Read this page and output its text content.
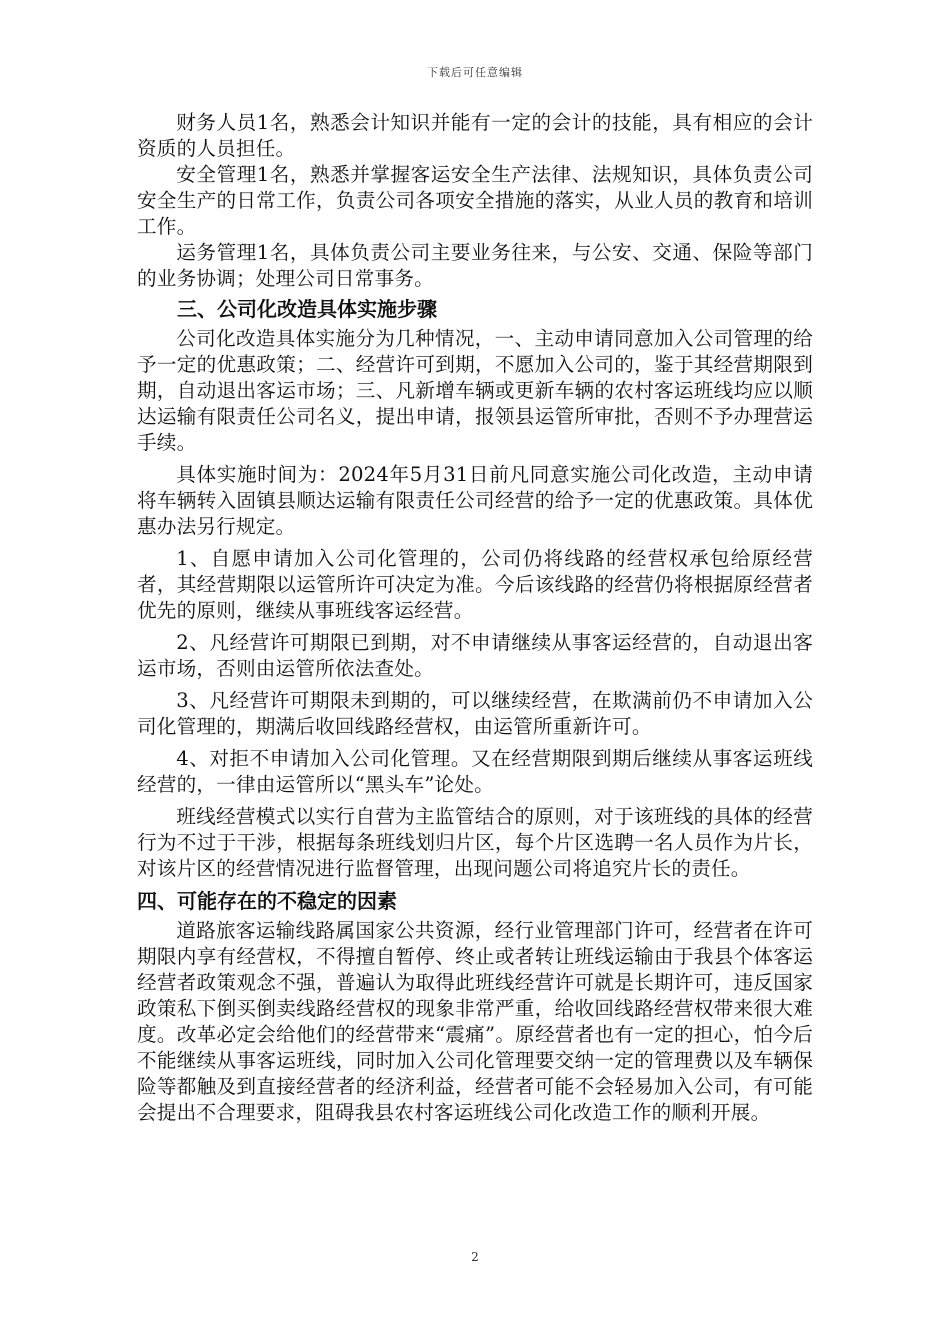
下载后可任意编辑

财务人员1名，熟悉会计知识并能有一定的会计的技能，具有相应的会计资质的人员担任。

安全管理1名，熟悉并掌握客运安全生产法律、法规知识，具体负责公司安全生产的日常工作，负责公司各项安全措施的落实，从业人员的教育和培训工作。

运务管理1名，具体负责公司主要业务往来，与公安、交通、保险等部门的业务协调；处理公司日常事务。

三、公司化改造具体实施步骤

公司化改造具体实施分为几种情况，一、主动申请同意加入公司管理的给予一定的优惠政策；二、经营许可到期，不愿加入公司的，鉴于其经营期限到期，自动退出客运市场；三、凡新增车辆或更新车辆的农村客运班线均应以顺达运输有限责任公司名义，提出申请，报领县运管所审批，否则不予办理营运手续。

具体实施时间为：2024年5月31日前凡同意实施公司化改造，主动申请将车辆转入固镇县顺达运输有限责任公司经营的给予一定的优惠政策。具体优惠办法另行规定。

1、自愿申请加入公司化管理的，公司仍将线路的经营权承包给原经营者，其经营期限以运管所许可决定为准。今后该线路的经营仍将根据原经营者优先的原则，继续从事班线客运经营。

2、凡经营许可期限已到期，对不申请继续从事客运经营的，自动退出客运市场，否则由运管所依法查处。

3、凡经营许可期限未到期的，可以继续经营，在欺满前仍不申请加入公司化管理的，期满后收回线路经营权，由运管所重新许可。

4、对拒不申请加入公司化管理。又在经营期限到期后继续从事客运班线经营的，一律由运管所以“黑头车”论处。

班线经营模式以实行自营为主监管结合的原则，对于该班线的具体的经营行为不过于干涉，根据每条班线划归片区，每个片区选聘一名人员作为片长，对该片区的经营情况进行监督管理，出现问题公司将追究片长的责任。

四、可能存在的不稳定的因素

道路旅客运输线路属国家公共资源，经行业管理部门许可，经营者在许可期限内享有经营权，不得擅自暂停、终止或者转让班线运输由于我县个体客运经营者政策观念不强，普遍认为取得此班线经营许可就是长期许可，违反国家政策私下倒买倒卖线路经营权的现象非常严重，给收回线路经营权带来很大难度。改革必定会给他们的经营带来“震痛”。原经营者也有一定的担心，怕今后不能继续从事客运班线，同时加入公司化管理要交纳一定的管理费以及车辆保险等都触及到直接经营者的经济利益，经营者可能不会轻易加入公司，有可能会提出不合理要求，阻碍我县农村客运班线公司化改造工作的顺利开展。

2
